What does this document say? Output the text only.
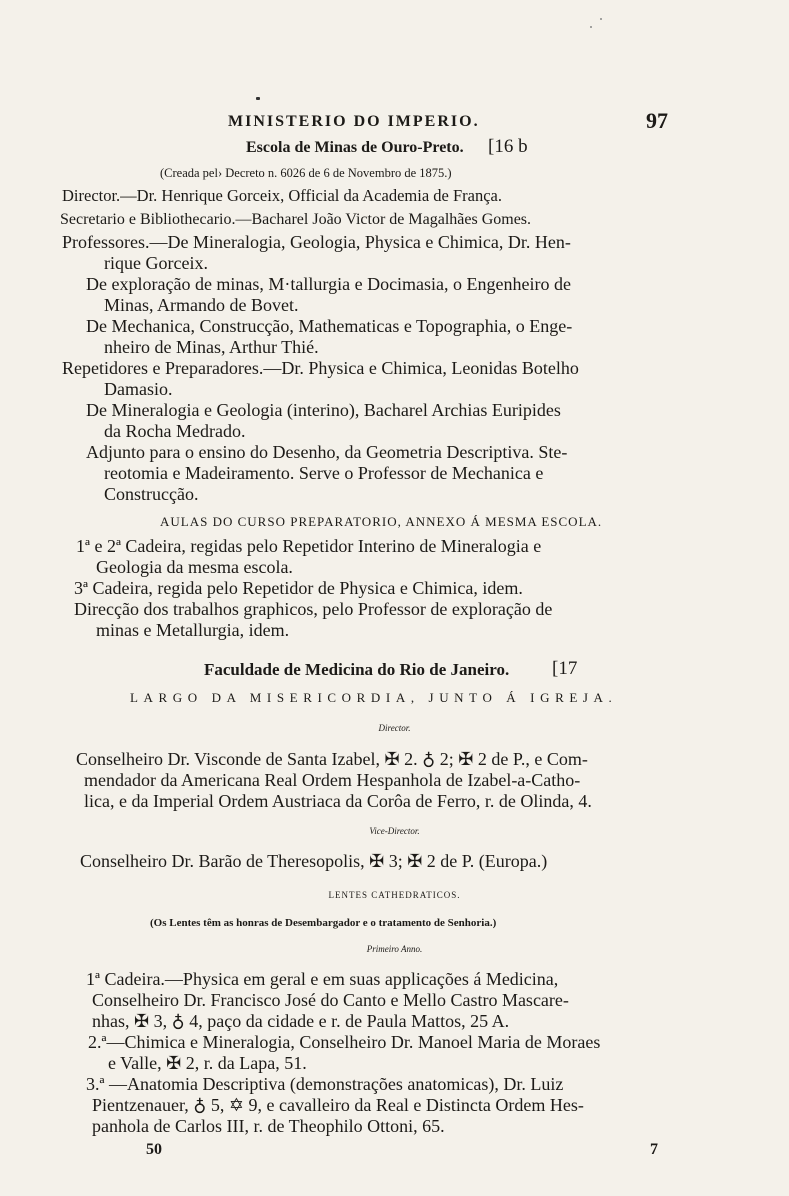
MINISTERIO DO IMPERIO.	97
Escola de Minas de Ouro-Preto. [16 b
(Creada pel› Decreto n. 6026 de 6 de Novembro de 1875.)
Director.—Dr. Henrique Gorceix, Official da Academia de França.
Secretario e Bibliothecario.—Bacharel João Victor de Magalhães Gomes.
Professores.—De Mineralogia, Geologia, Physica e Chimica, Dr. Hen-
rique Gorceix.
De exploração de minas, M·tallurgia e Docimasia, o Engenheiro de
Minas, Armando de Bovet.
De Mechanica, Construcção, Mathematicas e Topographia, o Enge-
nheiro de Minas, Arthur Thié.
Repetidores e Preparadores.—Dr. Physica e Chimica, Leonidas Botelho
Damasio.
De Mineralogia e Geologia (interino), Bacharel Archias Euripides
da Rocha Medrado.
Adjunto para o ensino do Desenho, da Geometria Descriptiva. Ste-
reotomia e Madeiramento. Serve o Professor de Mechanica e
Construcção.
AULAS DO CURSO PREPARATORIO, ANNEXO Á MESMA ESCOLA.
1ª e 2ª Cadeira, regidas pelo Repetidor Interino de Mineralogia e
Geologia da mesma escola.
3ª Cadeira, regida pelo Repetidor de Physica e Chimica, idem.
Direcção dos trabalhos graphicos, pelo Professor de exploração de
minas e Metallurgia, idem.
Faculdade de Medicina do Rio de Janeiro. [17
LARGO DA MISERICORDIA, JUNTO Á IGREJA.
Director.
Conselheiro Dr. Visconde de Santa Izabel, ✠ 2. ♁ 2; ✠ 2 de P., e Com-
mendador da Americana Real Ordem Hespanhola de Izabel-a-Catho-
lica, e da Imperial Ordem Austriaca da Corôa de Ferro, r. de Olinda, 4.
Vice-Director.
Conselheiro Dr. Barão de Theresopolis, ✠ 3; ✠ 2 de P. (Europa.)
LENTES CATHEDRATICOS.
(Os Lentes têm as honras de Desembargador e o tratamento de Senhoria.)
Primeiro Anno.
1ª Cadeira.—Physica em geral e em suas applicações á Medicina,
Conselheiro Dr. Francisco José do Canto e Mello Castro Mascare-
nhas, ✠ 3, ♁ 4, paço da cidade e r. de Paula Mattos, 25 A.
2.ª—Chimica e Mineralogia, Conselheiro Dr. Manoel Maria de Moraes
e Valle, ✠ 2, r. da Lapa, 51.
3.ª —Anatomia Descriptiva (demonstrações anatomicas), Dr. Luiz
Pientzenauer, ♁ 5, ✡ 9, e cavalleiro da Real e Distincta Ordem Hes-
panhola de Carlos III, r. de Theophilo Ottoni, 65.
50	7
